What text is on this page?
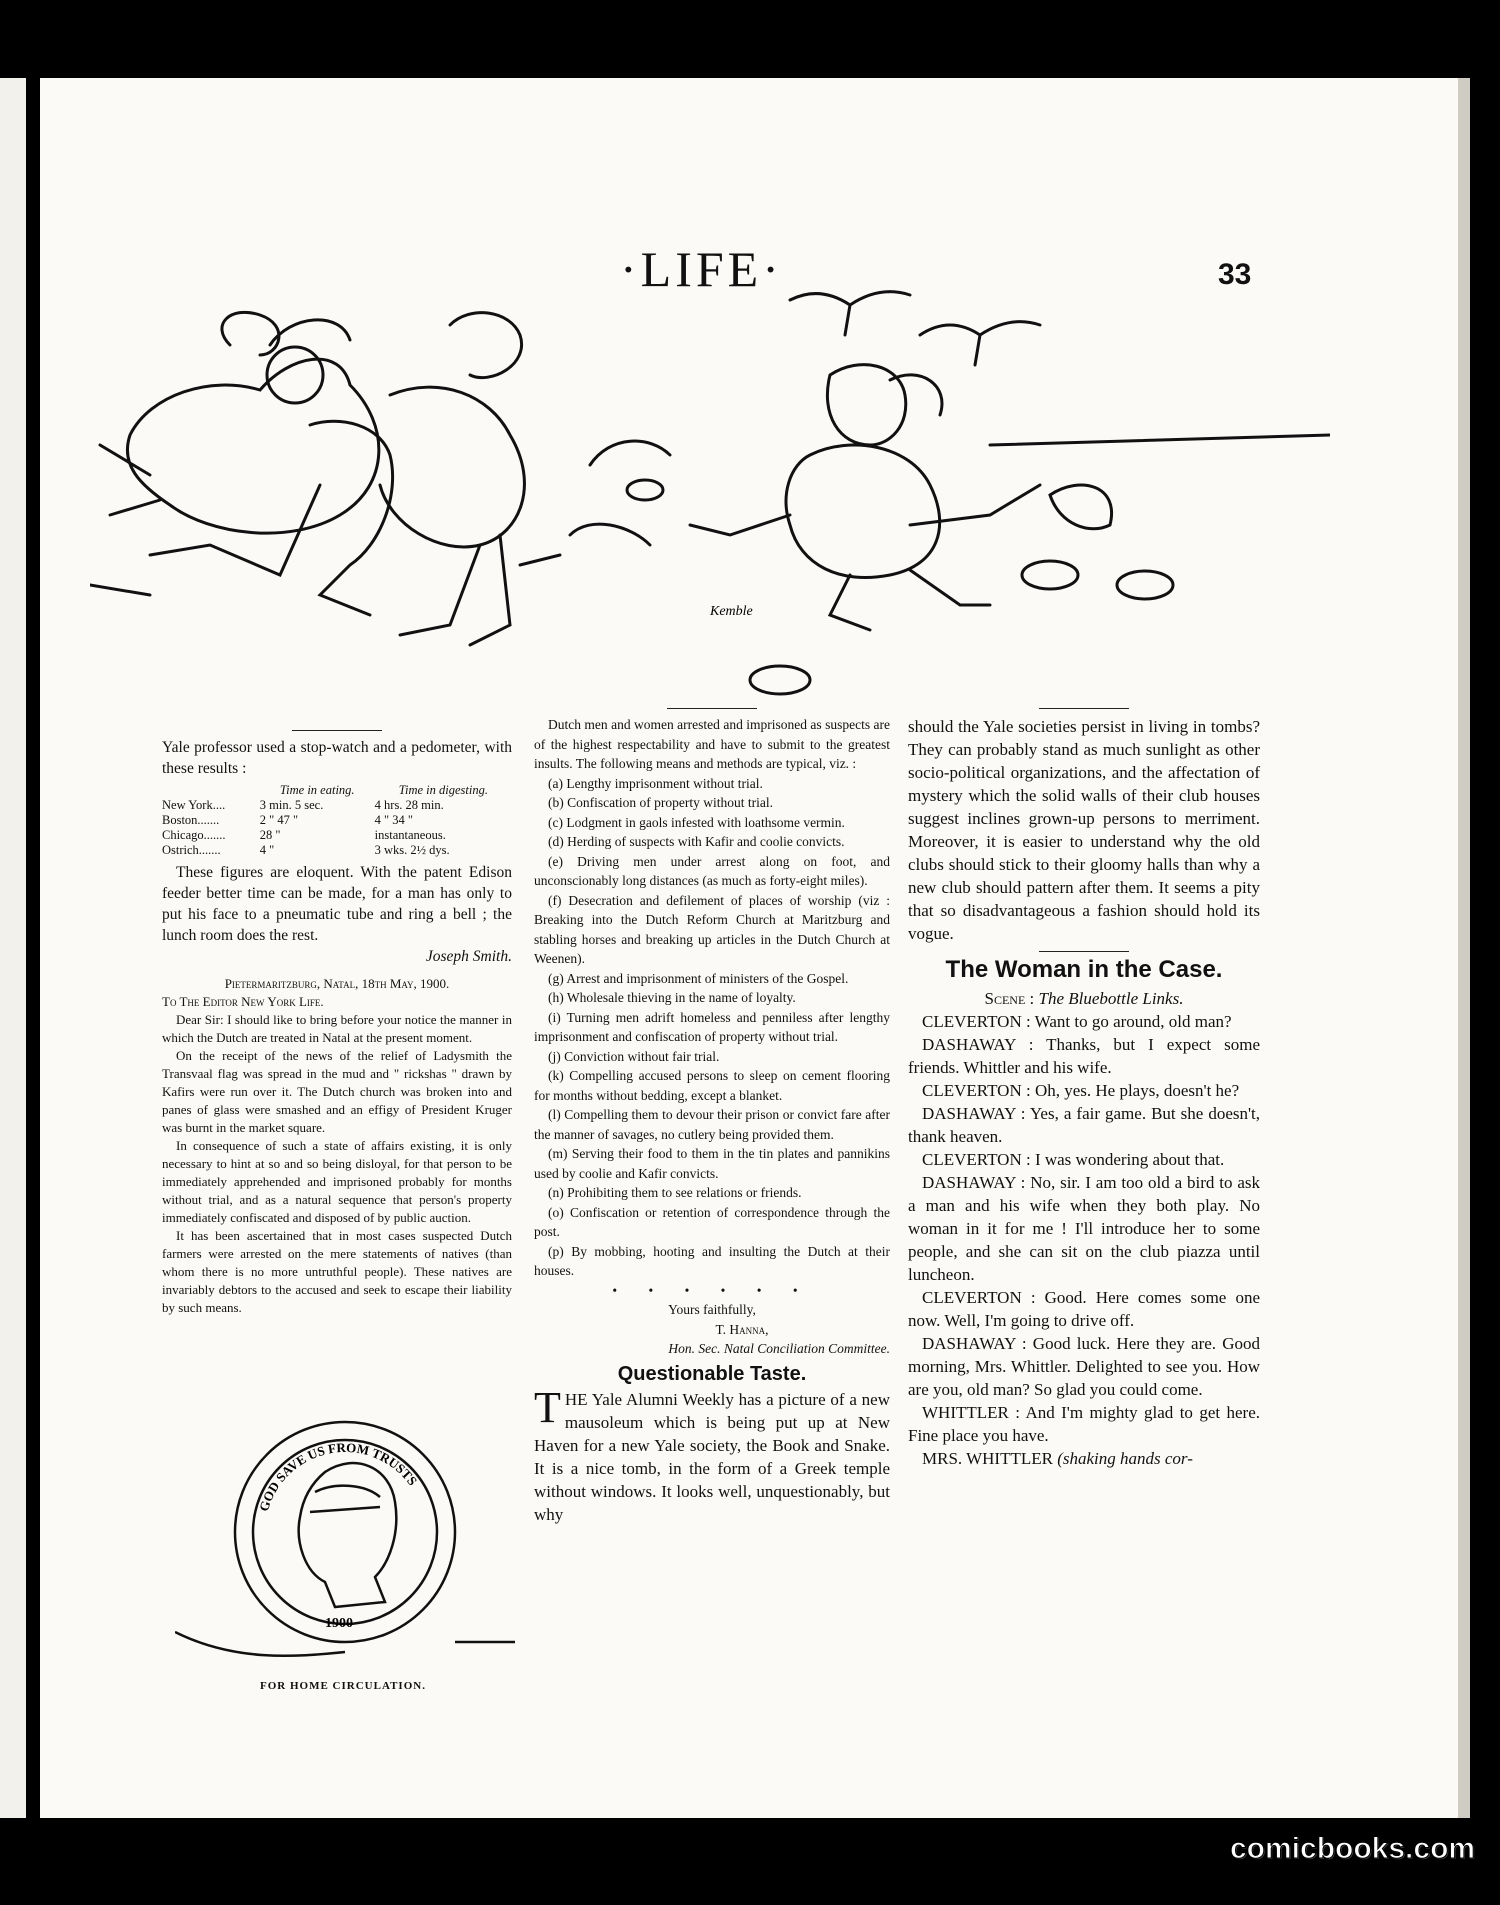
·LIFE·	33
Kemble

Yale professor used a stop-watch and a pedometer, with these results :

	Time in eating.	Time in digesting.
New York....	3 min. 5 sec.	4 hrs. 28 min.
Boston.......	2 " 47 "	4 " 34 "
Chicago.......	28 "	instantaneous.
Ostrich.......	4 "	3 wks. 2½ dys.

These figures are eloquent. With the patent Edison feeder better time can be made, for a man has only to put his face to a pneumatic tube and ring a bell ; the lunch room does the rest.

Joseph Smith.

Pietermaritzburg, Natal, 18th May, 1900.

To The Editor New York Life.

Dear Sir: I should like to bring before your notice the manner in which the Dutch are treated in Natal at the present moment.

On the receipt of the news of the relief of Ladysmith the Transvaal flag was spread in the mud and " rickshas " drawn by Kafirs were run over it. The Dutch church was broken into and panes of glass were smashed and an effigy of President Kruger was burnt in the market square.

In consequence of such a state of affairs existing, it is only necessary to hint at so and so being disloyal, for that person to be immediately apprehended and imprisoned probably for months without trial, and as a natural sequence that person's property immediately confiscated and disposed of by public auction.

It has been ascertained that in most cases suspected Dutch farmers were arrested on the mere statements of natives (than whom there is no more untruthful people). These natives are invariably debtors to the accused and seek to escape their liability by such means.

GOD SAVE US FROM TRUSTS
1900
FOR HOME CIRCULATION.

Dutch men and women arrested and imprisoned as suspects are of the highest respectability and have to submit to the greatest insults. The following means and methods are typical, viz. :

(a) Lengthy imprisonment without trial.

(b) Confiscation of property without trial.

(c) Lodgment in gaols infested with loathsome vermin.

(d) Herding of suspects with Kafir and coolie convicts.

(e) Driving men under arrest along on foot, and unconscionably long distances (as much as forty-eight miles).

(f) Desecration and defilement of places of worship (viz : Breaking into the Dutch Reform Church at Maritzburg and stabling horses and breaking up articles in the Dutch Church at Weenen).

(g) Arrest and imprisonment of ministers of the Gospel.

(h) Wholesale thieving in the name of loyalty.

(i) Turning men adrift homeless and penniless after lengthy imprisonment and confiscation of property without trial.

(j) Conviction without fair trial.

(k) Compelling accused persons to sleep on cement flooring for months without bedding, except a blanket.

(l) Compelling them to devour their prison or convict fare after the manner of savages, no cutlery being provided them.

(m) Serving their food to them in the tin plates and pannikins used by coolie and Kafir convicts.

(n) Prohibiting them to see relations or friends.

(o) Confiscation or retention of correspondence through the post.

(p) By mobbing, hooting and insulting the Dutch at their houses.

• • • • • •

Yours faithfully,

T. Hanna,

Hon. Sec. Natal Conciliation Committee.

Questionable Taste.
T HE Yale Alumni Weekly has a picture of a new mausoleum which is being put up at New Haven for a new Yale society, the Book and Snake. It is a nice tomb, in the form of a Greek temple without windows. It looks well, unquestionably, but why

should the Yale societies persist in living in tombs? They can probably stand as much sunlight as other socio-political organizations, and the affectation of mystery which the solid walls of their club houses suggest inclines grown-up persons to merriment. Moreover, it is easier to understand why the old clubs should stick to their gloomy halls than why a new club should pattern after them. It seems a pity that so disadvantageous a fashion should hold its vogue.

The Woman in the Case.

Scene : The Bluebottle Links.

CLEVERTON : Want to go around, old man?

DASHAWAY : Thanks, but I expect some friends. Whittler and his wife.

CLEVERTON : Oh, yes. He plays, doesn't he?

DASHAWAY : Yes, a fair game. But she doesn't, thank heaven.

CLEVERTON : I was wondering about that.

DASHAWAY : No, sir. I am too old a bird to ask a man and his wife when they both play. No woman in it for me ! I'll introduce her to some people, and she can sit on the club piazza until luncheon.

CLEVERTON : Good. Here comes some one now. Well, I'm going to drive off.

DASHAWAY : Good luck. Here they are. Good morning, Mrs. Whittler. Delighted to see you. How are you, old man? So glad you could come.

WHITTLER : And I'm mighty glad to get here. Fine place you have.

MRS. WHITTLER (shaking hands cor-

comicbooks.com
